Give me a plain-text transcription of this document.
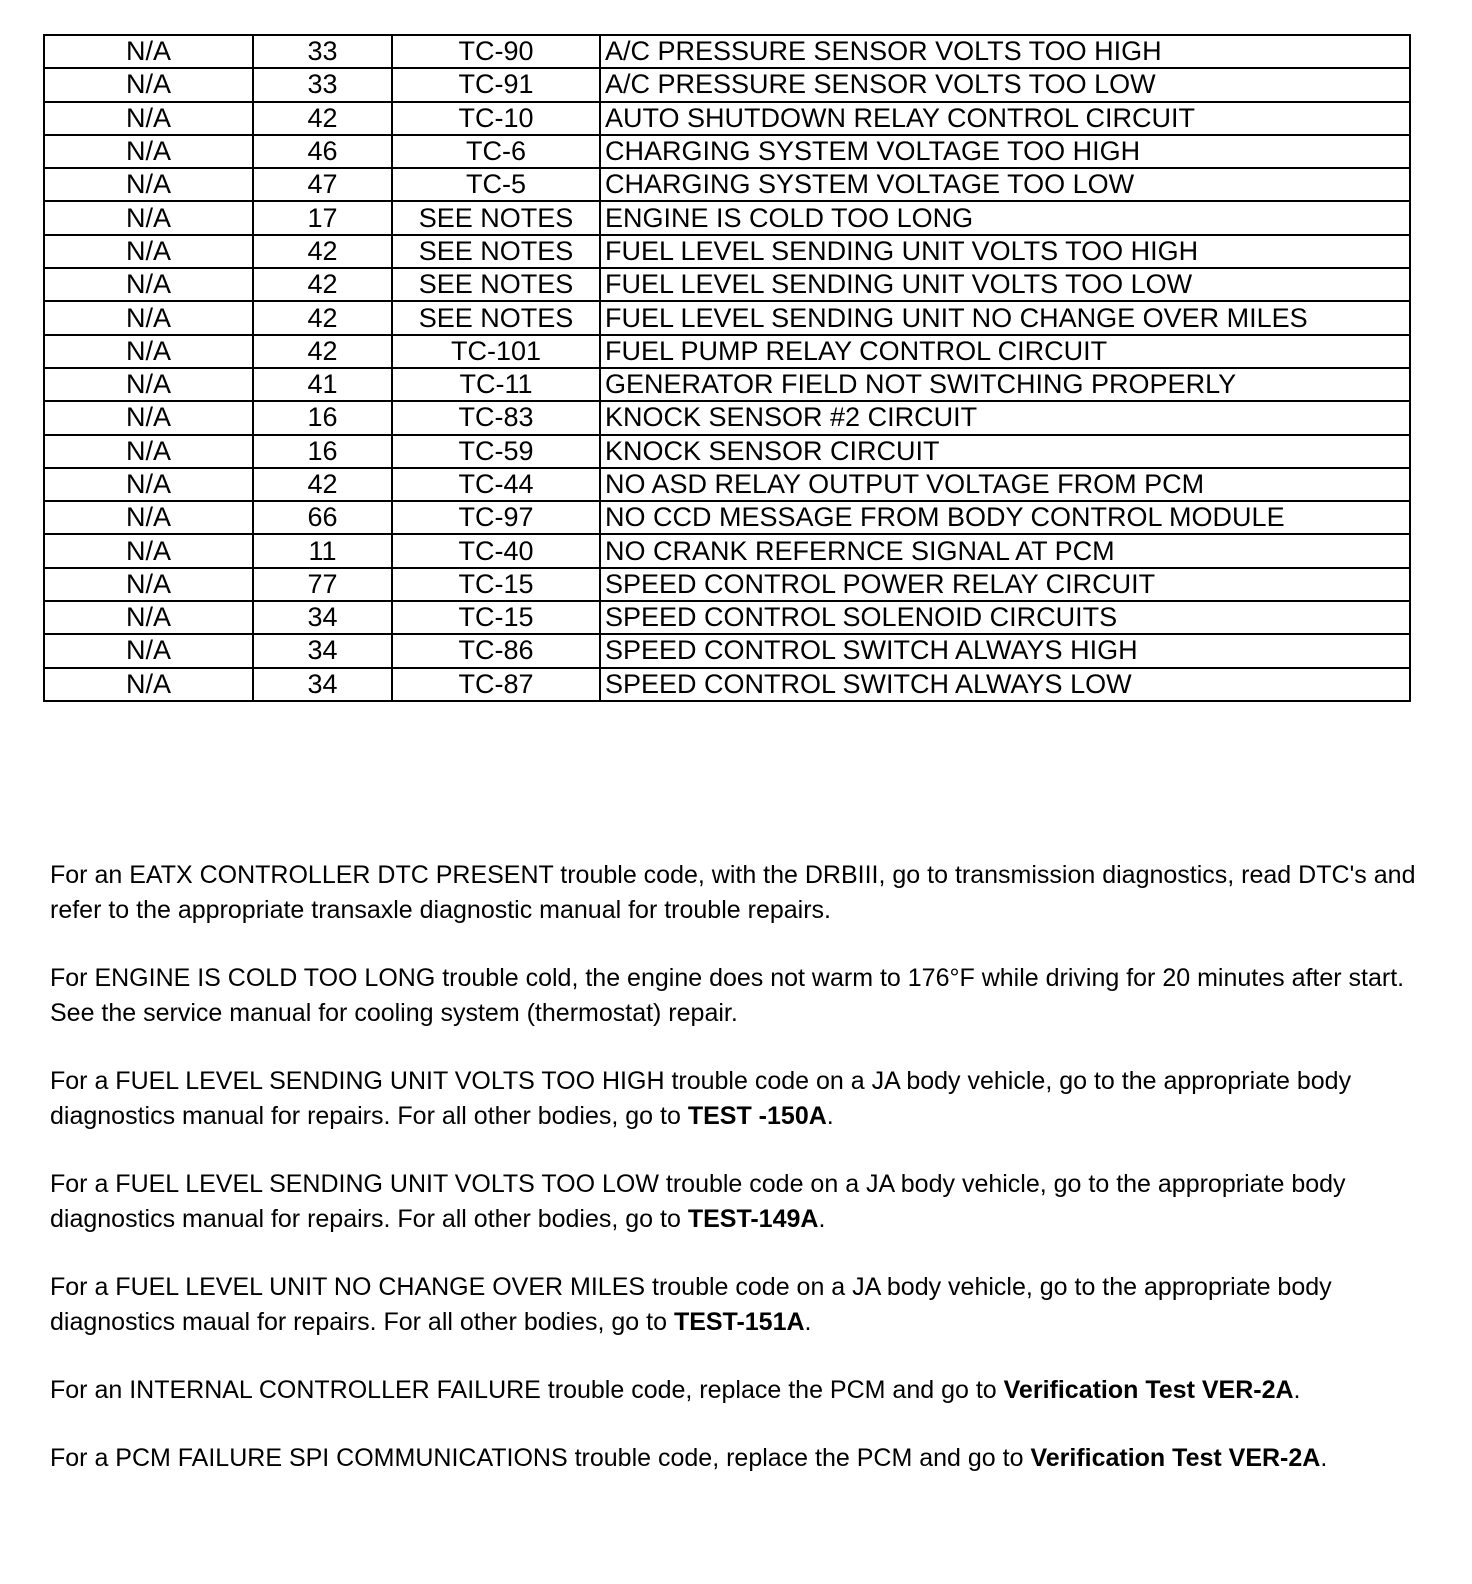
N/A	33	TC-90	A/C PRESSURE SENSOR VOLTS TOO HIGH
N/A	33	TC-91	A/C PRESSURE SENSOR VOLTS TOO LOW
N/A	42	TC-10	AUTO SHUTDOWN RELAY CONTROL CIRCUIT
N/A	46	TC-6	CHARGING SYSTEM VOLTAGE TOO HIGH
N/A	47	TC-5	CHARGING SYSTEM VOLTAGE TOO LOW
N/A	17	SEE NOTES	ENGINE IS COLD TOO LONG
N/A	42	SEE NOTES	FUEL LEVEL SENDING UNIT VOLTS TOO HIGH
N/A	42	SEE NOTES	FUEL LEVEL SENDING UNIT VOLTS TOO LOW
N/A	42	SEE NOTES	FUEL LEVEL SENDING UNIT NO CHANGE OVER MILES
N/A	42	TC-101	FUEL PUMP RELAY CONTROL CIRCUIT
N/A	41	TC-11	GENERATOR FIELD NOT SWITCHING PROPERLY
N/A	16	TC-83	KNOCK SENSOR #2 CIRCUIT
N/A	16	TC-59	KNOCK SENSOR CIRCUIT
N/A	42	TC-44	NO ASD RELAY OUTPUT VOLTAGE FROM PCM
N/A	66	TC-97	NO CCD MESSAGE FROM BODY CONTROL MODULE
N/A	11	TC-40	NO CRANK REFERNCE SIGNAL AT PCM
N/A	77	TC-15	SPEED CONTROL POWER RELAY CIRCUIT
N/A	34	TC-15	SPEED CONTROL SOLENOID CIRCUITS
N/A	34	TC-86	SPEED CONTROL SWITCH ALWAYS HIGH
N/A	34	TC-87	SPEED CONTROL SWITCH ALWAYS LOW

For an EATX CONTROLLER DTC PRESENT trouble code, with the DRBIII, go to transmission diagnostics, read DTC's and refer to the appropriate transaxle diagnostic manual for trouble repairs.

For ENGINE IS COLD TOO LONG trouble cold, the engine does not warm to 176°F while driving for 20 minutes after start. See the service manual for cooling system (thermostat) repair.

For a FUEL LEVEL SENDING UNIT VOLTS TOO HIGH trouble code on a JA body vehicle, go to the appropriate body diagnostics manual for repairs. For all other bodies, go to TEST -150A.

For a FUEL LEVEL SENDING UNIT VOLTS TOO LOW trouble code on a JA body vehicle, go to the appropriate body diagnostics manual for repairs. For all other bodies, go to TEST-149A.

For a FUEL LEVEL UNIT NO CHANGE OVER MILES trouble code on a JA body vehicle, go to the appropriate body diagnostics maual for repairs. For all other bodies, go to TEST-151A.

For an INTERNAL CONTROLLER FAILURE trouble code, replace the PCM and go to Verification Test VER-2A.

For a PCM FAILURE SPI COMMUNICATIONS trouble code, replace the PCM and go to Verification Test VER-2A.
